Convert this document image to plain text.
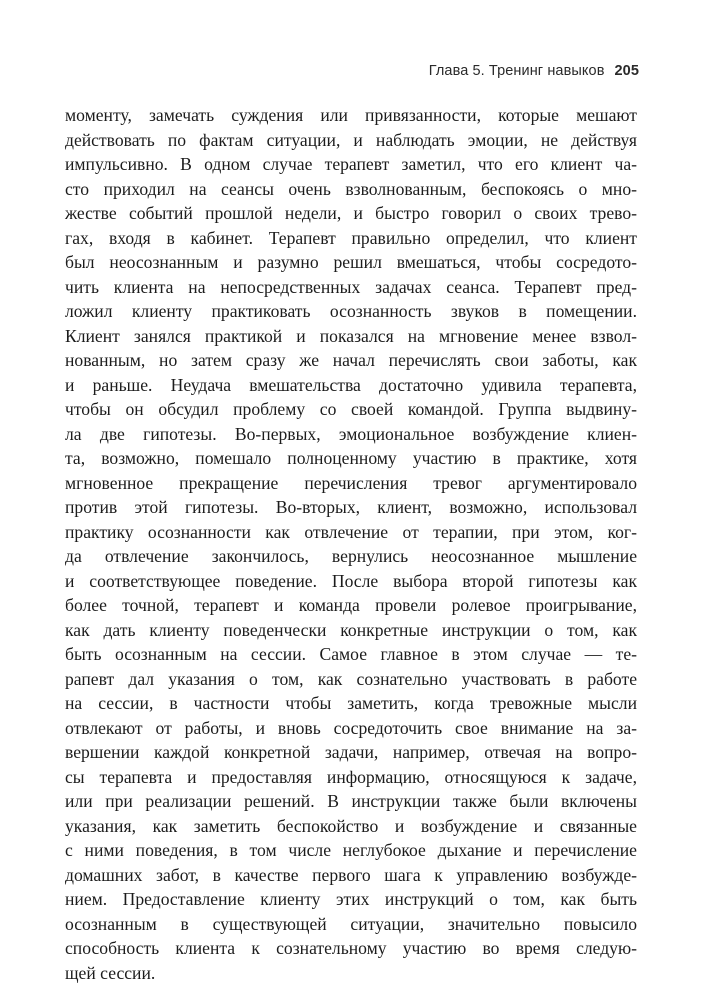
Глава 5. Тренинг навыков 205
моменту, замечать суждения или привязанности, которые мешают
действовать по фактам ситуации, и наблюдать эмоции, не действуя
импульсивно. В одном случае терапевт заметил, что его клиент ча-
сто приходил на сеансы очень взволнованным, беспокоясь о мно-
жестве событий прошлой недели, и быстро говорил о своих трево-
гах, входя в кабинет. Терапевт правильно определил, что клиент
был неосознанным и разумно решил вмешаться, чтобы сосредото-
чить клиента на непосредственных задачах сеанса. Терапевт пред-
ложил клиенту практиковать осознанность звуков в помещении.
Клиент занялся практикой и показался на мгновение менее взвол-
нованным, но затем сразу же начал перечислять свои заботы, как
и раньше. Неудача вмешательства достаточно удивила терапевта,
чтобы он обсудил проблему со своей командой. Группа выдвину-
ла две гипотезы. Во-первых, эмоциональное возбуждение клиен-
та, возможно, помешало полноценному участию в практике, хотя
мгновенное прекращение перечисления тревог аргументировало
против этой гипотезы. Во-вторых, клиент, возможно, использовал
практику осознанности как отвлечение от терапии, при этом, ког-
да отвлечение закончилось, вернулись неосознанное мышление
и соответствующее поведение. После выбора второй гипотезы как
более точной, терапевт и команда провели ролевое проигрывание,
как дать клиенту поведенчески конкретные инструкции о том, как
быть осознанным на сессии. Самое главное в этом случае — те-
рапевт дал указания о том, как сознательно участвовать в работе
на сессии, в частности чтобы заметить, когда тревожные мысли
отвлекают от работы, и вновь сосредоточить свое внимание на за-
вершении каждой конкретной задачи, например, отвечая на вопро-
сы терапевта и предоставляя информацию, относящуюся к задаче,
или при реализации решений. В инструкции также были включены
указания, как заметить беспокойство и возбуждение и связанные
с ними поведения, в том числе неглубокое дыхание и перечисление
домашних забот, в качестве первого шага к управлению возбужде-
нием. Предоставление клиенту этих инструкций о том, как быть
осознанным в существующей ситуации, значительно повысило
способность клиента к сознательному участию во время следую-
щей сессии.
